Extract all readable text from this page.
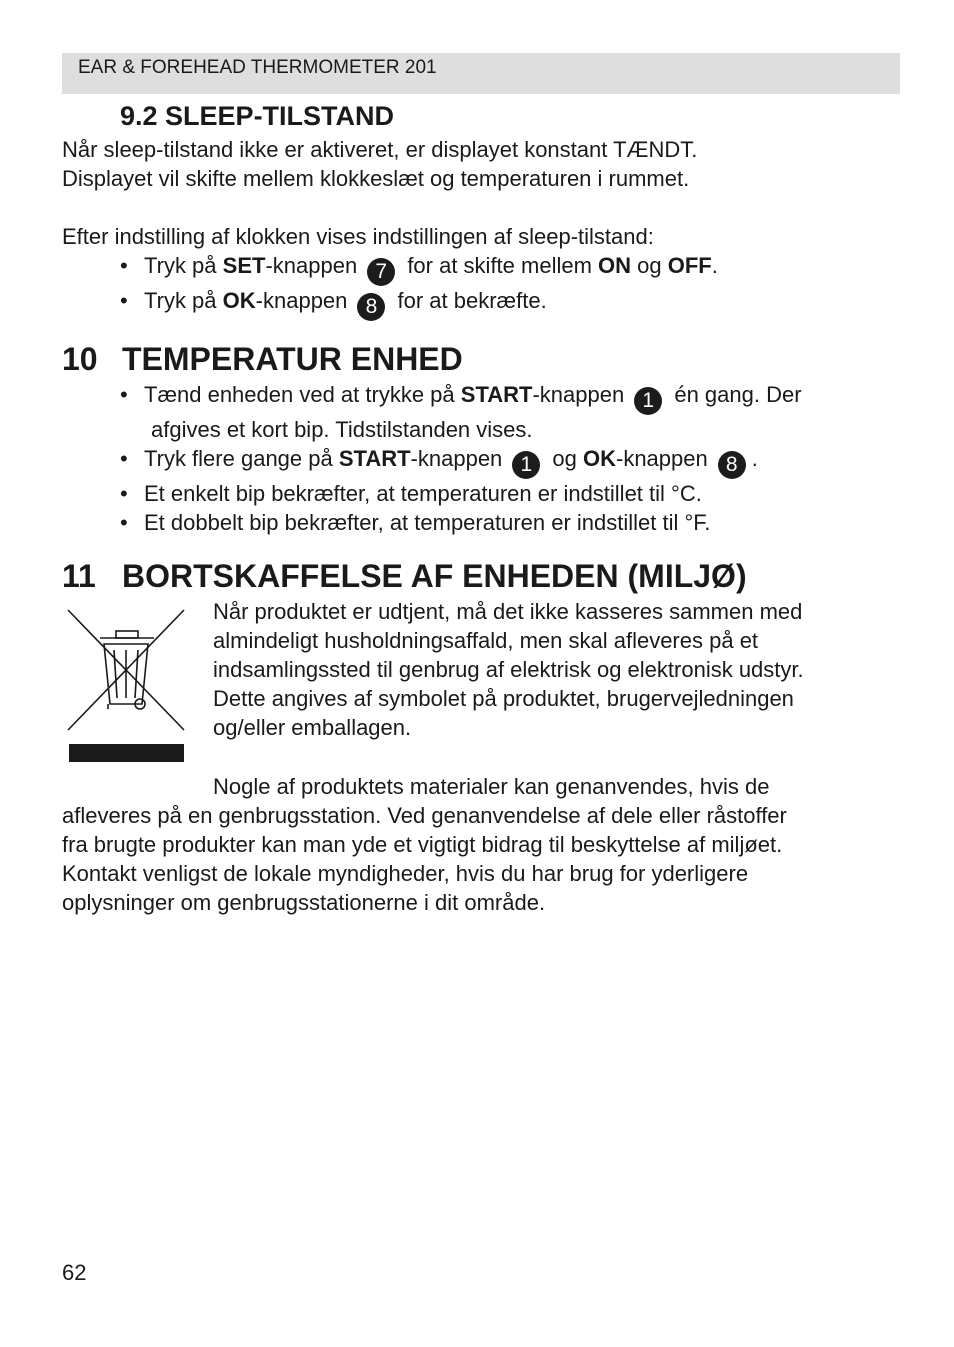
EAR & FOREHEAD THERMOMETER 201
9.2 SLEEP-TILSTAND

Når sleep-tilstand ikke er aktiveret, er displayet konstant TÆNDT.

Displayet vil skifte mellem klokkeslæt og temperaturen i rummet.

Efter indstilling af klokken vises indstillingen af sleep-tilstand:

• Tryk på SET-knappen 7 for at skifte mellem ON og OFF.
• Tryk på OK-knappen 8 for at bekræfte.
10 TEMPERATUR ENHED
• Tænd enheden ved at trykke på START-knappen 1 én gang. Der
afgives et kort bip. Tidstilstanden vises.
• Tryk flere gange på START-knappen 1 og OK-knappen 8 .
• Et enkelt bip bekræfter, at temperaturen er indstillet til °C.
• Et dobbelt bip bekræfter, at temperaturen er indstillet til °F.
11 BORTSKAFFELSE AF ENHEDEN (MILJØ)

Når produktet er udtjent, må det ikke kasseres sammen med

almindeligt husholdningsaffald, men skal afleveres på et

indsamlingssted til genbrug af elektrisk og elektronisk udstyr.

Dette angives af symbolet på produktet, brugervejledningen

og/eller emballagen.

Nogle af produktets materialer kan genanvendes, hvis de

afleveres på en genbrugsstation. Ved genanvendelse af dele eller råstoffer

fra brugte produkter kan man yde et vigtigt bidrag til beskyttelse af miljøet.

Kontakt venligst de lokale myndigheder, hvis du har brug for yderligere

oplysninger om genbrugsstationerne i dit område.

62
